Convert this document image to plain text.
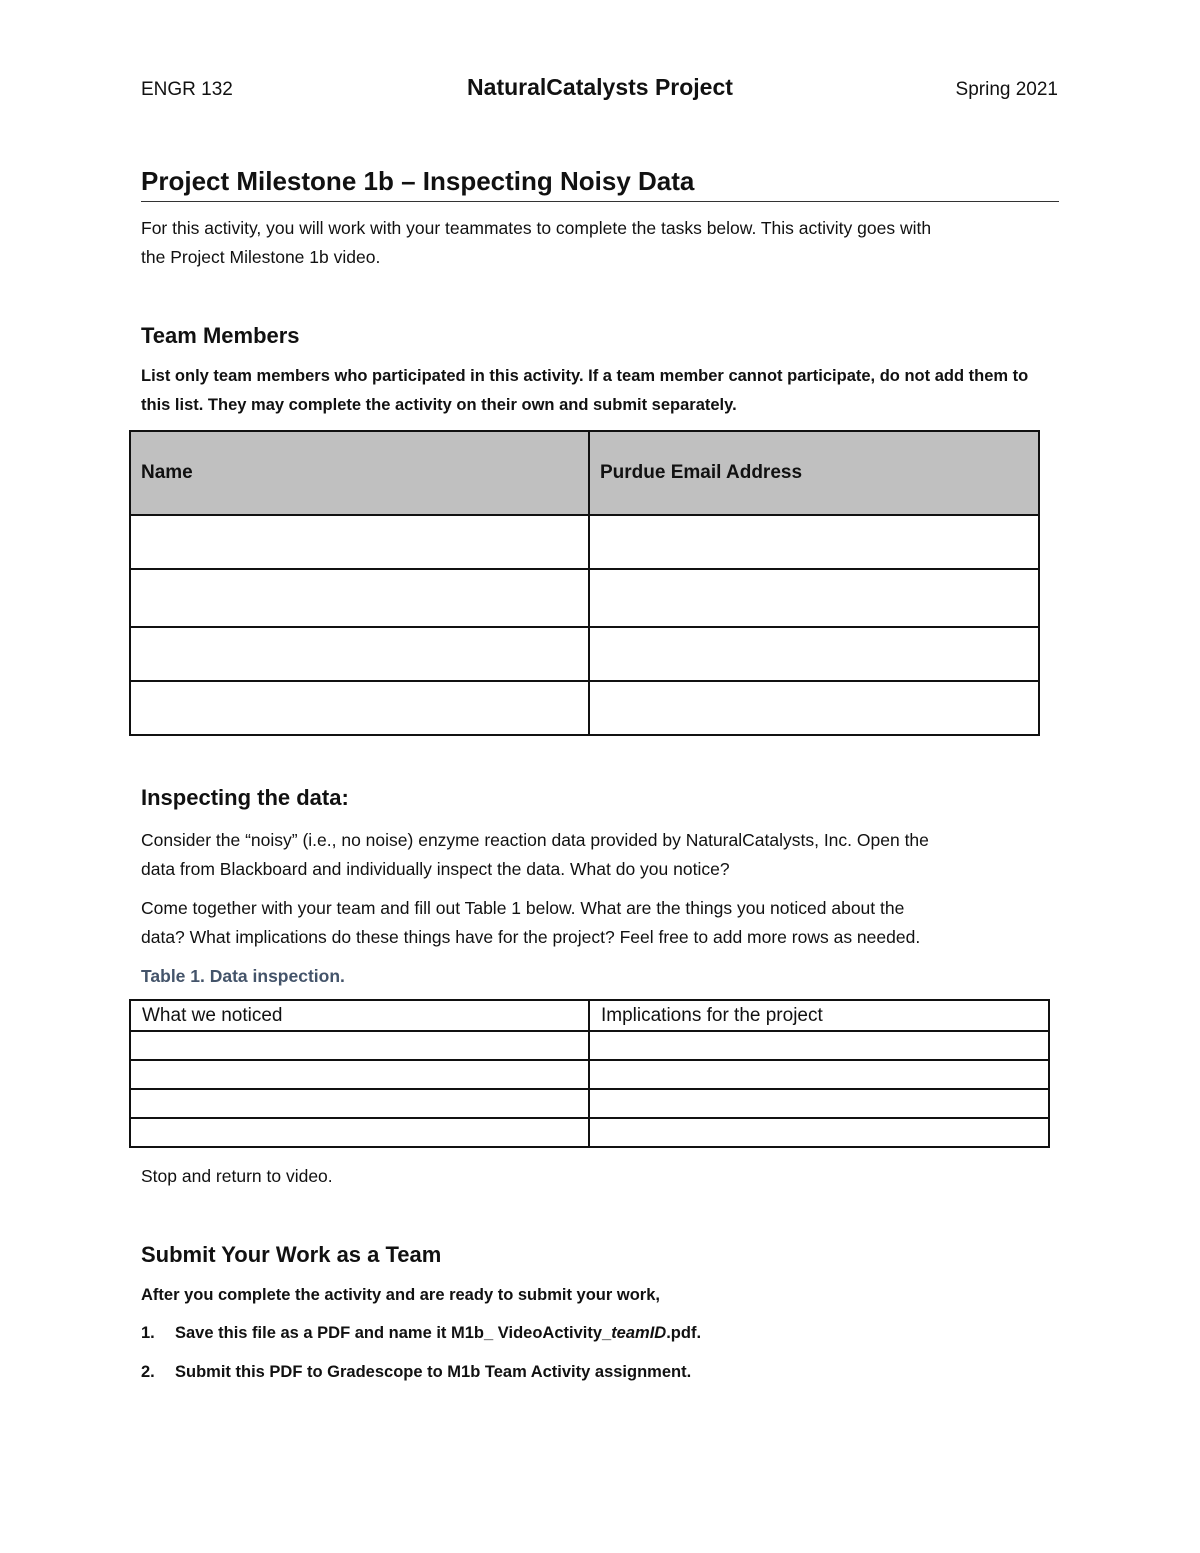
ENGR 132	NaturalCatalysts Project	Spring 2021
Project Milestone 1b – Inspecting Noisy Data
For this activity, you will work with your teammates to complete the tasks below. This activity goes with
the Project Milestone 1b video.
Team Members
List only team members who participated in this activity. If a team member cannot participate, do not add them to
this list. They may complete the activity on their own and submit separately.
Name	Purdue Email Address

Inspecting the data:
Consider the “noisy” (i.e., no noise) enzyme reaction data provided by NaturalCatalysts, Inc. Open the
data from Blackboard and individually inspect the data. What do you notice?
Come together with your team and fill out Table 1 below. What are the things you noticed about the
data? What implications do these things have for the project? Feel free to add more rows as needed.
Table 1. Data inspection.
What we noticed	Implications for the project

Stop and return to video.
Submit Your Work as a Team
After you complete the activity and are ready to submit your work,
1. Save this file as a PDF and name it M1b_ VideoActivity_teamID.pdf.
2. Submit this PDF to Gradescope to M1b Team Activity assignment.
